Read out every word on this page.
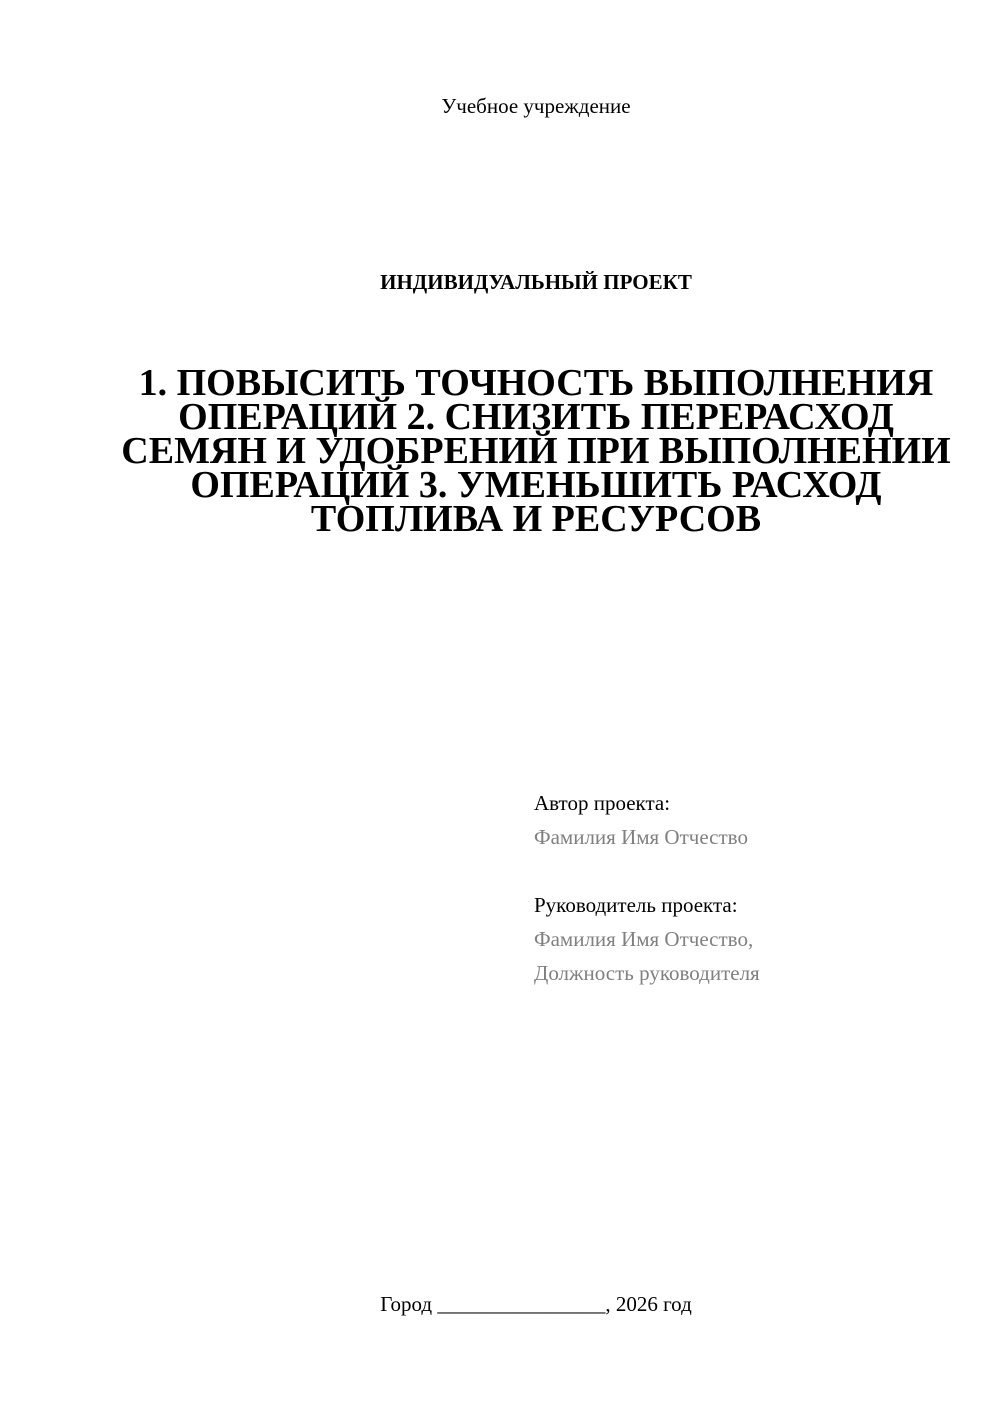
Учебное учреждение
ИНДИВИДУАЛЬНЫЙ ПРОЕКТ
1. ПОВЫСИТЬ ТОЧНОСТЬ ВЫПОЛНЕНИЯ ОПЕРАЦИЙ 2. СНИЗИТЬ ПЕРЕРАСХОД СЕМЯН И УДОБРЕНИЙ ПРИ ВЫПОЛНЕНИИ ОПЕРАЦИЙ 3. УМЕНЬШИТЬ РАСХОД ТОПЛИВА И РЕСУРСОВ
Автор проекта:
Фамилия Имя Отчество
Руководитель проекта:
Фамилия Имя Отчество,
Должность руководителя
Город ________________, 2026 год
